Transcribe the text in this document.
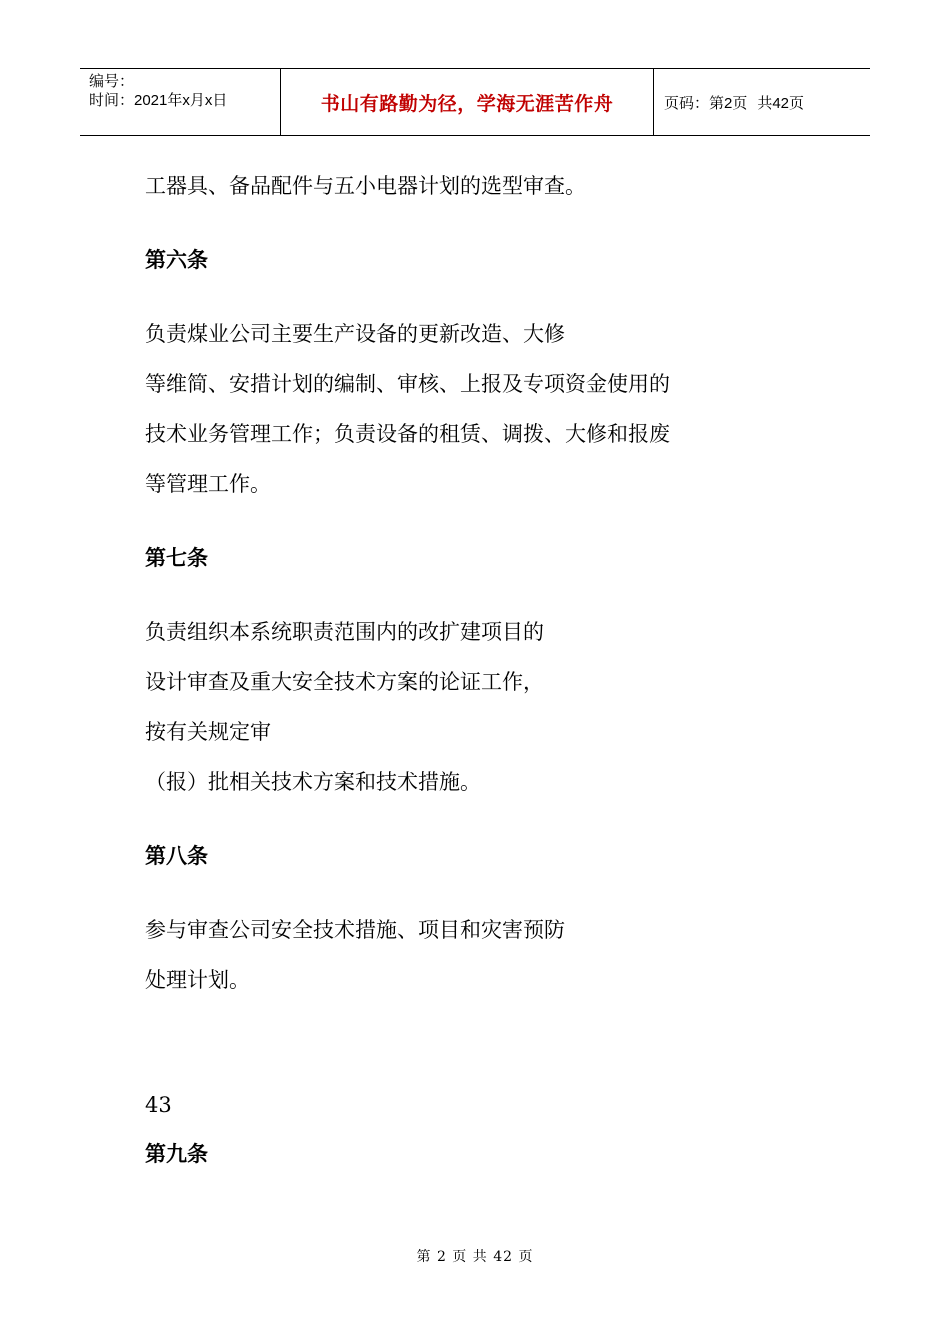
编号：
时间：2021年x月x日	书山有路勤为径，学海无涯苦作舟	页码：第2页 共42页
工器具、备品配件与五小电器计划的选型审查。
第六条
负责煤业公司主要生产设备的更新改造、大修
等维简、安措计划的编制、审核、上报及专项资金使用的
技术业务管理工作；负责设备的租赁、调拨、大修和报废
等管理工作。
第七条
负责组织本系统职责范围内的改扩建项目的
设计审查及重大安全技术方案的论证工作，
按有关规定审
（报）批相关技术方案和技术措施。
第八条
参与审查公司安全技术措施、项目和灾害预防
处理计划。
43
第九条
第 2 页 共 42 页
